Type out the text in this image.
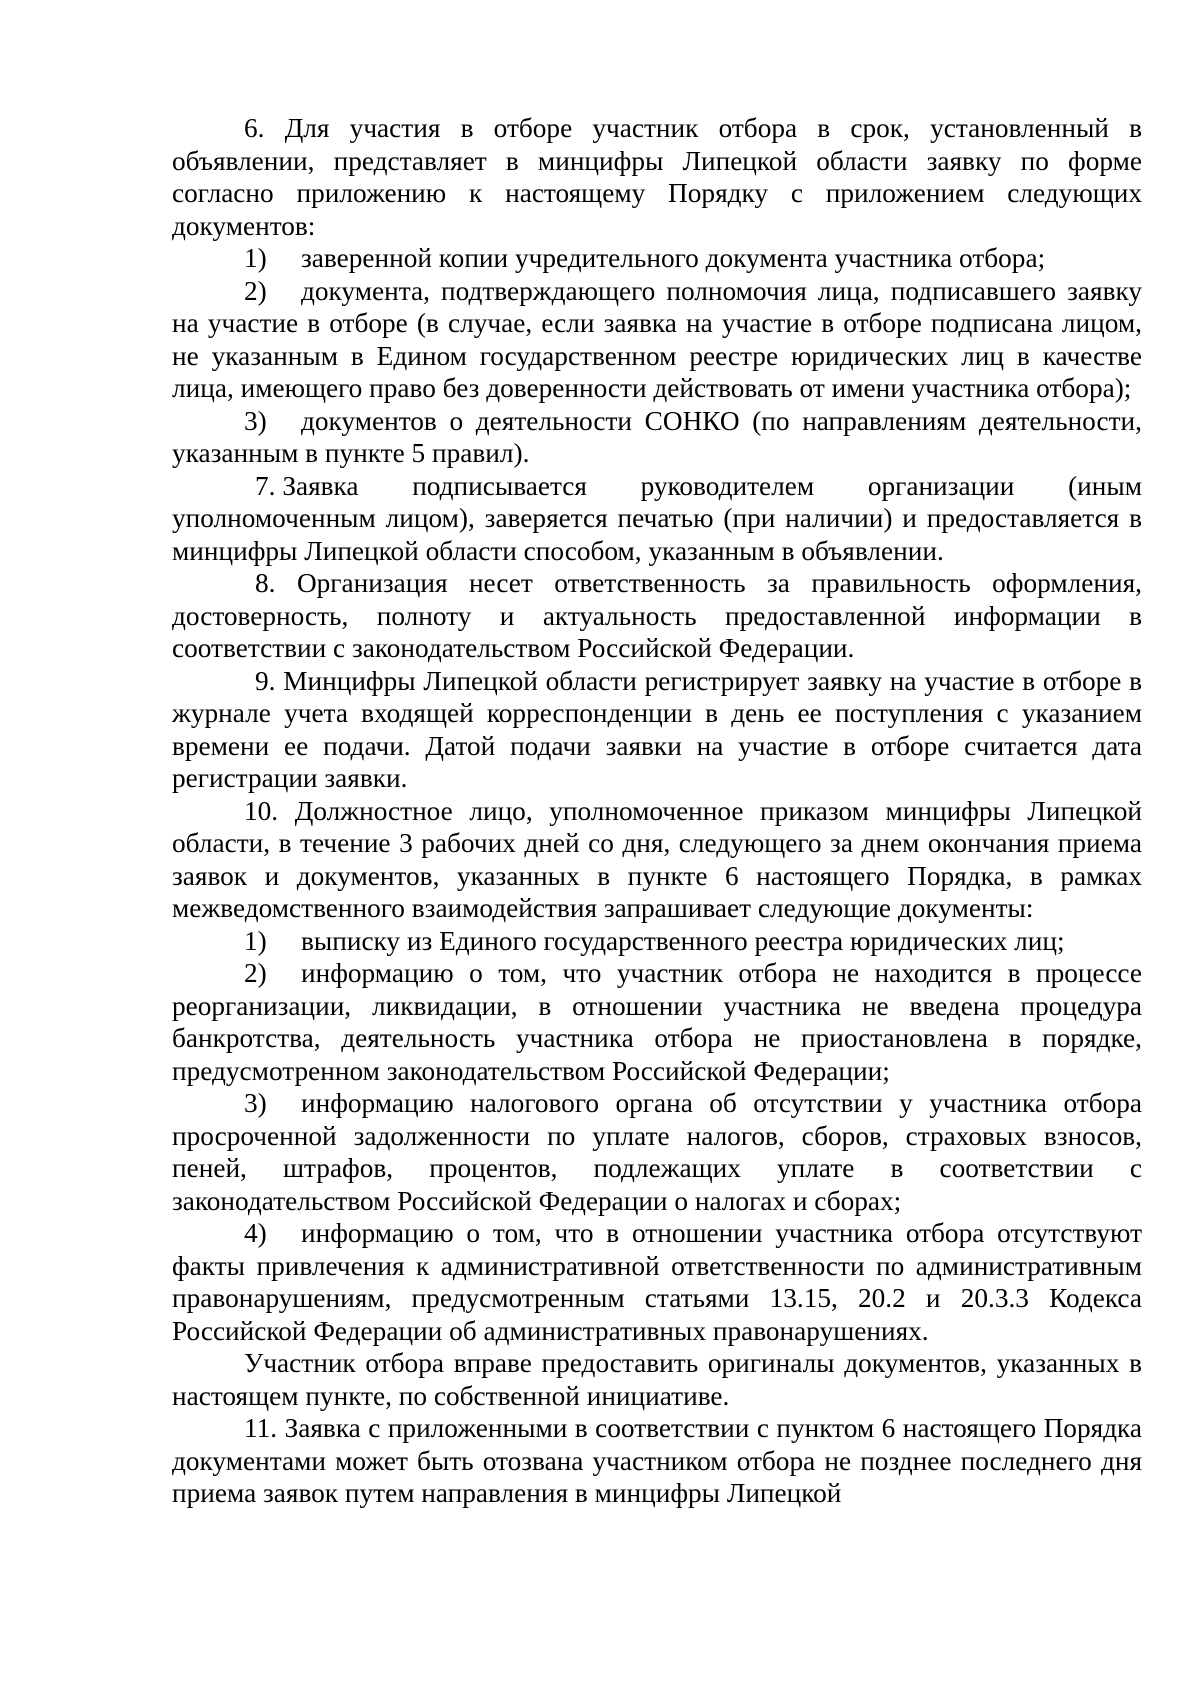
6. Для участия в отборе участник отбора в срок, установленный в объявлении, представляет в минцифры Липецкой области заявку по форме согласно приложению к настоящему Порядку с приложением следующих документов:

1) заверенной копии учредительного документа участника отбора;

2) документа, подтверждающего полномочия лица, подписавшего заявку на участие в отборе (в случае, если заявка на участие в отборе подписана лицом, не указанным в Едином государственном реестре юридических лиц в качестве лица, имеющего право без доверенности действовать от имени участника отбора);

3) документов о деятельности СОНКО (по направлениям деятельности, указанным в пункте 5 правил).

7. Заявка подписывается руководителем организации (иным

уполномоченным лицом), заверяется печатью (при наличии) и предоставляется в минцифры Липецкой области способом, указанным в объявлении.

8. Организация несет ответственность за правильность оформления, достоверность, полноту и актуальность предоставленной информации в соответствии с законодательством Российской Федерации.

9. Минцифры Липецкой области регистрирует заявку на участие в отборе в журнале учета входящей корреспонденции в день ее поступления с указанием времени ее подачи. Датой подачи заявки на участие в отборе считается дата регистрации заявки.

10. Должностное лицо, уполномоченное приказом минцифры Липецкой области, в течение 3 рабочих дней со дня, следующего за днем окончания приема заявок и документов, указанных в пункте 6 настоящего Порядка, в рамках межведомственного взаимодействия запрашивает следующие документы:

1) выписку из Единого государственного реестра юридических лиц;

2) информацию о том, что участник отбора не находится в процессе реорганизации, ликвидации, в отношении участника не введена процедура банкротства, деятельность участника отбора не приостановлена в порядке, предусмотренном законодательством Российской Федерации;

3) информацию налогового органа об отсутствии у участника отбора просроченной задолженности по уплате налогов, сборов, страховых взносов, пеней, штрафов, процентов, подлежащих уплате в соответствии с законодательством Российской Федерации о налогах и сборах;

4) информацию о том, что в отношении участника отбора отсутствуют факты привлечения к административной ответственности по административным правонарушениям, предусмотренным статьями 13.15, 20.2 и 20.3.3 Кодекса Российской Федерации об административных правонарушениях.

Участник отбора вправе предоставить оригиналы документов, указанных в настоящем пункте, по собственной инициативе.

11. Заявка с приложенными в соответствии с пунктом 6 настоящего Порядка документами может быть отозвана участником отбора не позднее последнего дня приема заявок путем направления в минцифры Липецкой
